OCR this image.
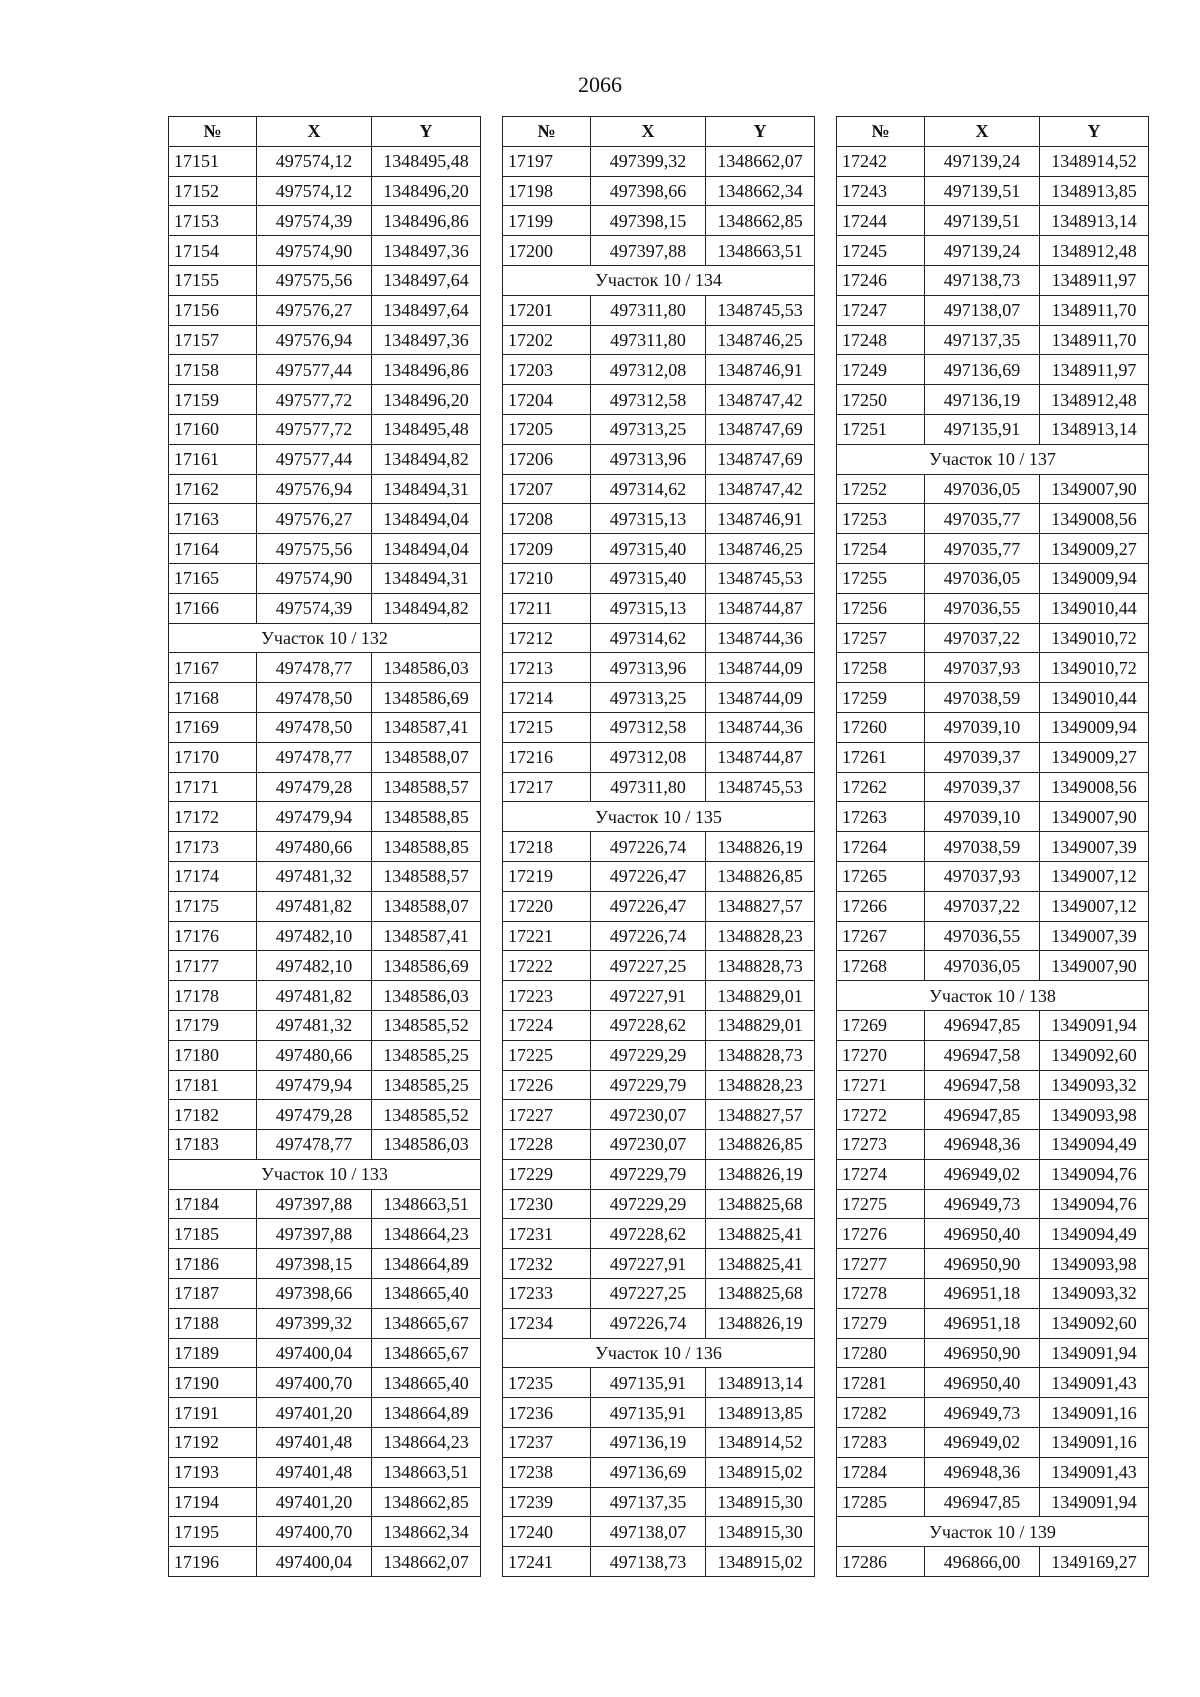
2066
№	X	Y
17151	497574,12	1348495,48
17152	497574,12	1348496,20
17153	497574,39	1348496,86
17154	497574,90	1348497,36
17155	497575,56	1348497,64
17156	497576,27	1348497,64
17157	497576,94	1348497,36
17158	497577,44	1348496,86
17159	497577,72	1348496,20
17160	497577,72	1348495,48
17161	497577,44	1348494,82
17162	497576,94	1348494,31
17163	497576,27	1348494,04
17164	497575,56	1348494,04
17165	497574,90	1348494,31
17166	497574,39	1348494,82
Участок 10 / 132		
17167	497478,77	1348586,03
17168	497478,50	1348586,69
17169	497478,50	1348587,41
17170	497478,77	1348588,07
17171	497479,28	1348588,57
17172	497479,94	1348588,85
17173	497480,66	1348588,85
17174	497481,32	1348588,57
17175	497481,82	1348588,07
17176	497482,10	1348587,41
17177	497482,10	1348586,69
17178	497481,82	1348586,03
17179	497481,32	1348585,52
17180	497480,66	1348585,25
17181	497479,94	1348585,25
17182	497479,28	1348585,52
17183	497478,77	1348586,03
Участок 10 / 133		
17184	497397,88	1348663,51
17185	497397,88	1348664,23
17186	497398,15	1348664,89
17187	497398,66	1348665,40
17188	497399,32	1348665,67
17189	497400,04	1348665,67
17190	497400,70	1348665,40
17191	497401,20	1348664,89
17192	497401,48	1348664,23
17193	497401,48	1348663,51
17194	497401,20	1348662,85
17195	497400,70	1348662,34
17196	497400,04	1348662,07
№	X	Y
17197	497399,32	1348662,07
17198	497398,66	1348662,34
17199	497398,15	1348662,85
17200	497397,88	1348663,51
Участок 10 / 134		
17201	497311,80	1348745,53
17202	497311,80	1348746,25
17203	497312,08	1348746,91
17204	497312,58	1348747,42
17205	497313,25	1348747,69
17206	497313,96	1348747,69
17207	497314,62	1348747,42
17208	497315,13	1348746,91
17209	497315,40	1348746,25
17210	497315,40	1348745,53
17211	497315,13	1348744,87
17212	497314,62	1348744,36
17213	497313,96	1348744,09
17214	497313,25	1348744,09
17215	497312,58	1348744,36
17216	497312,08	1348744,87
17217	497311,80	1348745,53
Участок 10 / 135		
17218	497226,74	1348826,19
17219	497226,47	1348826,85
17220	497226,47	1348827,57
17221	497226,74	1348828,23
17222	497227,25	1348828,73
17223	497227,91	1348829,01
17224	497228,62	1348829,01
17225	497229,29	1348828,73
17226	497229,79	1348828,23
17227	497230,07	1348827,57
17228	497230,07	1348826,85
17229	497229,79	1348826,19
17230	497229,29	1348825,68
17231	497228,62	1348825,41
17232	497227,91	1348825,41
17233	497227,25	1348825,68
17234	497226,74	1348826,19
Участок 10 / 136		
17235	497135,91	1348913,14
17236	497135,91	1348913,85
17237	497136,19	1348914,52
17238	497136,69	1348915,02
17239	497137,35	1348915,30
17240	497138,07	1348915,30
17241	497138,73	1348915,02
№	X	Y
17242	497139,24	1348914,52
17243	497139,51	1348913,85
17244	497139,51	1348913,14
17245	497139,24	1348912,48
17246	497138,73	1348911,97
17247	497138,07	1348911,70
17248	497137,35	1348911,70
17249	497136,69	1348911,97
17250	497136,19	1348912,48
17251	497135,91	1348913,14
Участок 10 / 137		
17252	497036,05	1349007,90
17253	497035,77	1349008,56
17254	497035,77	1349009,27
17255	497036,05	1349009,94
17256	497036,55	1349010,44
17257	497037,22	1349010,72
17258	497037,93	1349010,72
17259	497038,59	1349010,44
17260	497039,10	1349009,94
17261	497039,37	1349009,27
17262	497039,37	1349008,56
17263	497039,10	1349007,90
17264	497038,59	1349007,39
17265	497037,93	1349007,12
17266	497037,22	1349007,12
17267	497036,55	1349007,39
17268	497036,05	1349007,90
Участок 10 / 138		
17269	496947,85	1349091,94
17270	496947,58	1349092,60
17271	496947,58	1349093,32
17272	496947,85	1349093,98
17273	496948,36	1349094,49
17274	496949,02	1349094,76
17275	496949,73	1349094,76
17276	496950,40	1349094,49
17277	496950,90	1349093,98
17278	496951,18	1349093,32
17279	496951,18	1349092,60
17280	496950,90	1349091,94
17281	496950,40	1349091,43
17282	496949,73	1349091,16
17283	496949,02	1349091,16
17284	496948,36	1349091,43
17285	496947,85	1349091,94
Участок 10 / 139		
17286	496866,00	1349169,27
